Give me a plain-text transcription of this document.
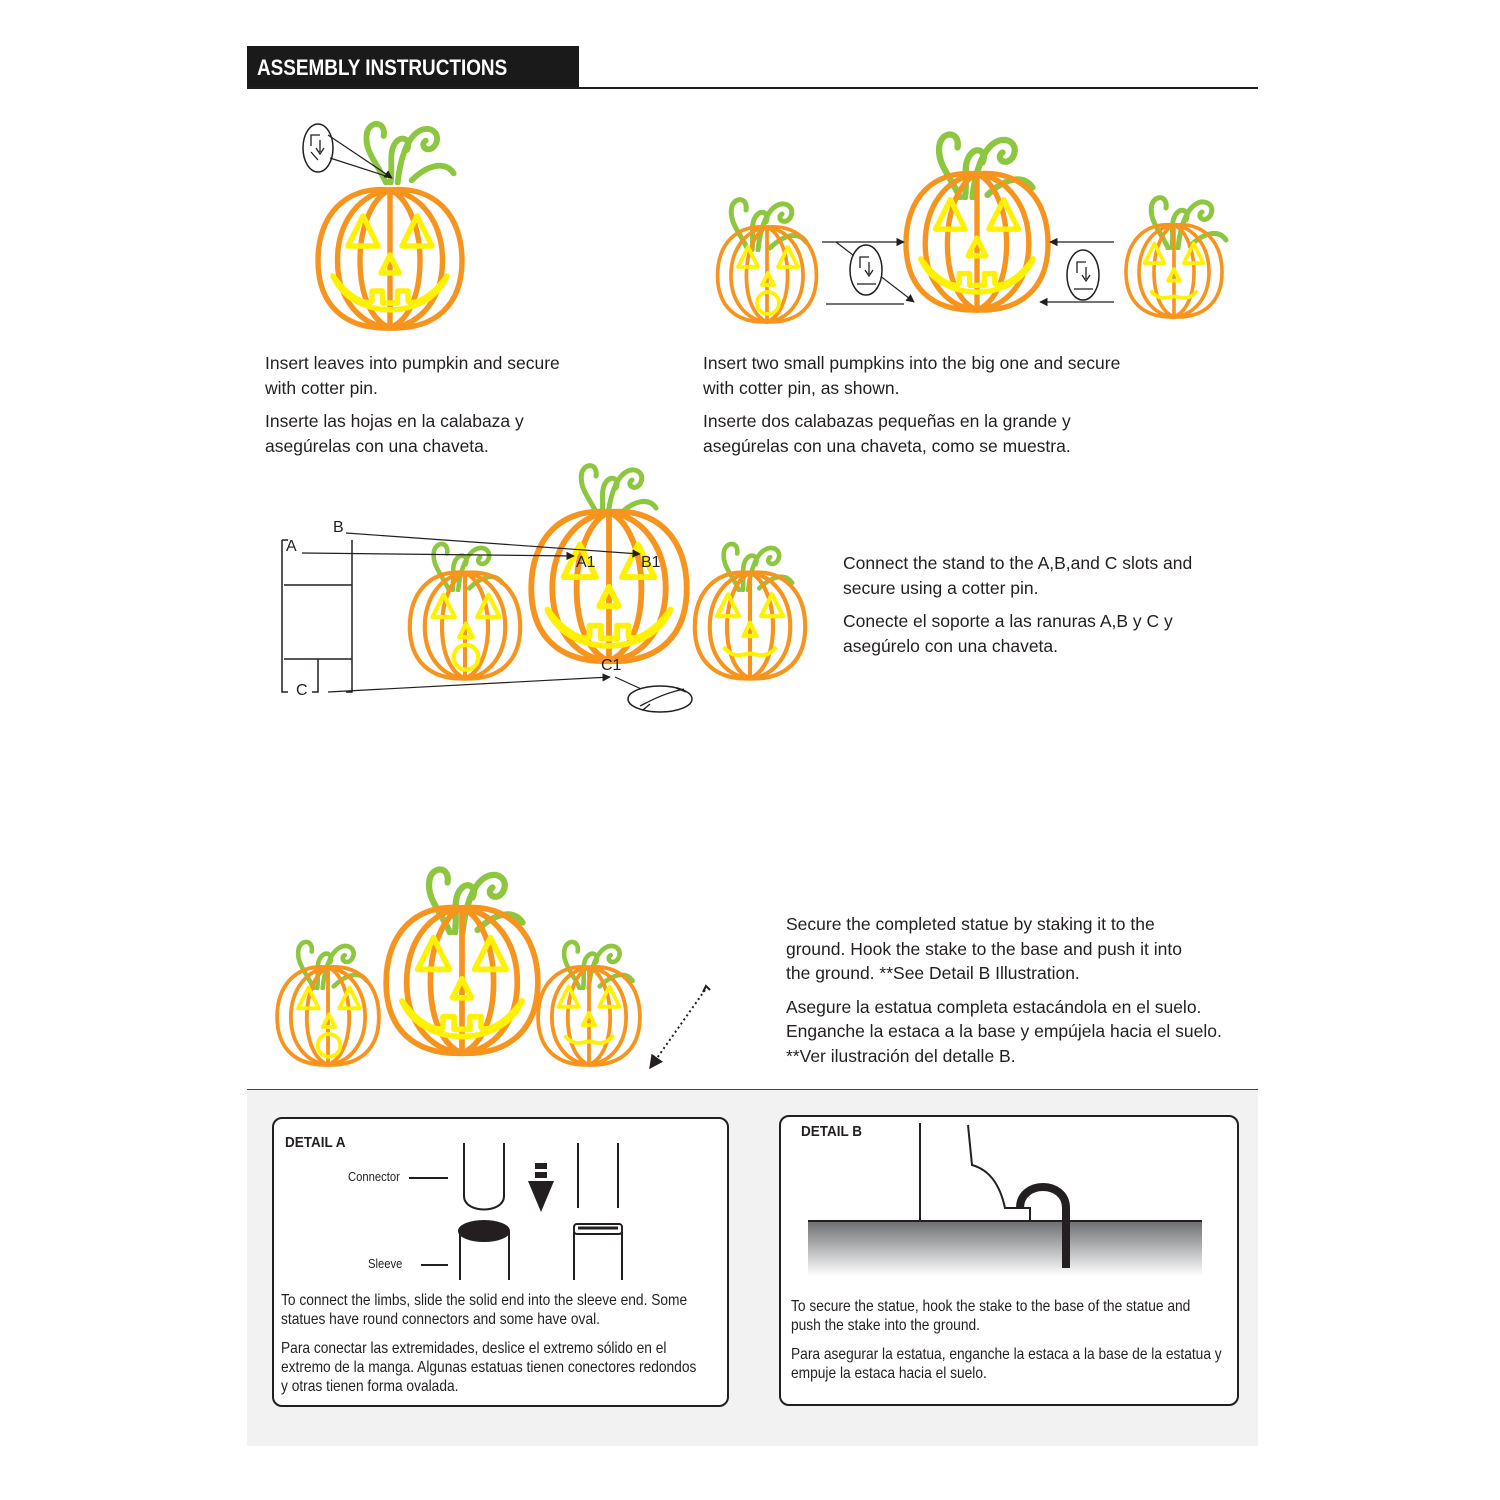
ASSEMBLY INSTRUCTIONS

Insert leaves into pumpkin and secure
with cotter pin.

Inserte las hojas en la calabaza y
asegúrelas con una chaveta.

Insert two small pumpkins into the big one and secure
with cotter pin, as shown.

Inserte dos calabazas pequeñas en la grande y
asegúrelas con una chaveta, como se muestra.

A
B
C
A1	B1
C1

Connect the stand to the A,B,and C slots and
secure using a cotter pin.

Conecte el soporte a las ranuras A,B y C y
asegúrelo con una chaveta.

Secure the completed statue by staking it to the
ground. Hook the stake to the base and push it into
the ground. **See Detail B Illustration.

Asegure la estatua completa estacándola en el suelo.
Enganche la estaca a la base y empújela hacia el suelo.
**Ver ilustración del detalle B.

DETAIL A
Connector
Sleeve

To connect the limbs, slide the solid end into the sleeve end. Some
statues have round connectors and some have oval.

Para conectar las extremidades, deslice el extremo sólido en el
extremo de la manga. Algunas estatuas tienen conectores redondos
y otras tienen forma ovalada.

DETAIL B

To secure the statue, hook the stake to the base of the statue and
push the stake into the ground.

Para asegurar la estatua, enganche la estaca a la base de la estatua y
empuje la estaca hacia el suelo.
